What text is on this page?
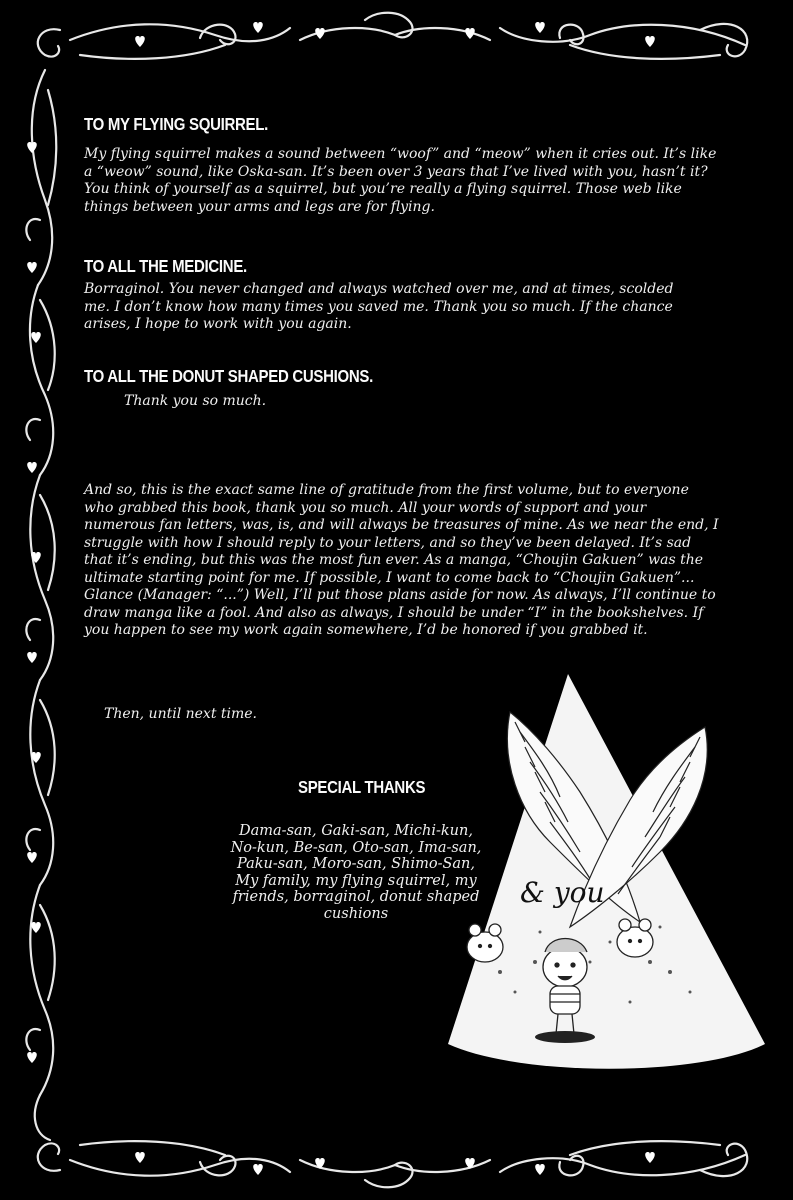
TO MY FLYING SQUIRREL.

My flying squirrel makes a sound between “woof” and “meow” when it cries out. It’s like

a “weow” sound, like Oska-san. It’s been over 3 years that I’ve lived with you, hasn’t it?

You think of yourself as a squirrel, but you’re really a flying squirrel. Those web like

things between your arms and legs are for flying.

TO ALL THE MEDICINE.

Borraginol. You never changed and always watched over me, and at times, scolded

me. I don’t know how many times you saved me. Thank you so much. If the chance

arises, I hope to work with you again.

TO ALL THE DONUT SHAPED CUSHIONS.
Thank you so much.

And so, this is the exact same line of gratitude from the first volume, but to everyone

who grabbed this book, thank you so much. All your words of support and your

numerous fan letters, was, is, and will always be treasures of mine. As we near the end, I

struggle with how I should reply to your letters, and so they’ve been delayed. It’s sad

that it’s ending, but this was the most fun ever. As a manga, “Choujin Gakuen” was the

ultimate starting point for me. If possible, I want to come back to “Choujin Gakuen”...

Glance (Manager: “...”) Well, I’ll put those plans aside for now. As always, I’ll continue to

draw manga like a fool. And also as always, I should be under “I” in the bookshelves. If

you happen to see my work again somewhere, I’d be honored if you grabbed it.

Then, until next time.
SPECIAL THANKS
Dama-san, Gaki-san, Michi-kun,
No-kun, Be-san, Oto-san, Ima-san,
Paku-san, Moro-san, Shimo-San,
My family, my flying squirrel, my
friends, borraginol, donut shaped
cushions
& you
